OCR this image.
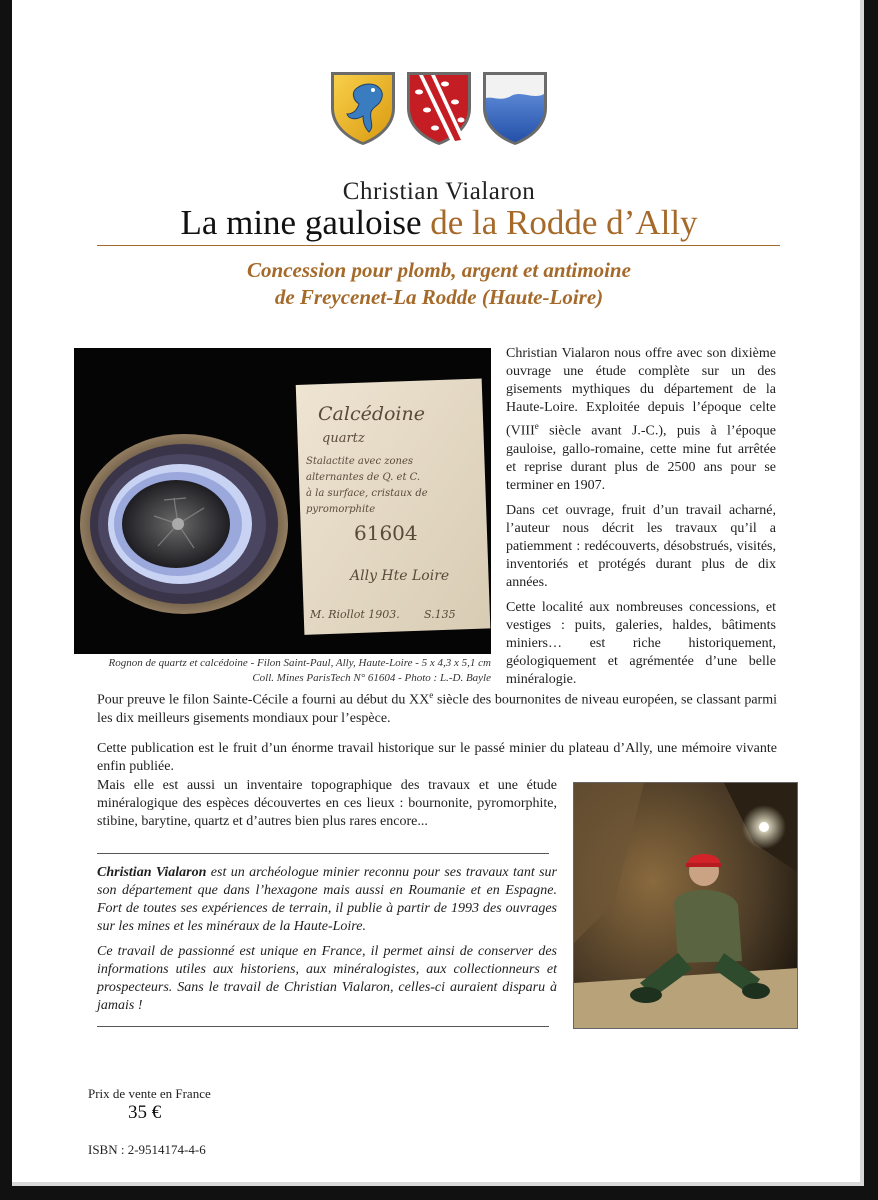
Christian Vialaron
La mine gauloise de la Rodde d’Ally
Concession pour plomb, argent et antimoine
de Freycenet-La Rodde (Haute-Loire)
Calcédoine
quartz
Stalactite avec zones
alternantes de Q. et C.
à la surface, cristaux de
pyromorphite
61604
Ally Hte Loire
M. Riollot 1903. S.135
Rognon de quartz et calcédoine - Filon Saint-Paul, Ally, Haute-Loire - 5 x 4,3 x 5,1 cm
Coll. Mines ParisTech N° 61604 - Photo : L.-D. Bayle

Christian Vialaron nous offre avec son dixième ouvrage une étude complète sur un des gisements mythiques du département de la Haute-Loire. Exploitée depuis l’époque celte (VIIIe siècle avant J.-C.), puis à l’époque gauloise, gallo-romaine, cette mine fut arrêtée et reprise durant plus de 2500 ans pour se terminer en 1907.

Dans cet ouvrage, fruit d’un travail acharné, l’auteur nous décrit les travaux qu’il a patiemment : redécouverts, désobstrués, visités, inventoriés et protégés durant plus de dix années.

Cette localité aux nombreuses concessions, et vestiges : puits, galeries, haldes, bâtiments miniers… est riche historiquement, géologiquement et agrémentée d’une belle minéralogie.

Pour preuve le filon Sainte-Cécile a fourni au début du XXe siècle des bournonites de niveau européen, se classant parmi les dix meilleurs gisements mondiaux pour l’espèce.

Cette publication est le fruit d’un énorme travail historique sur le passé minier du plateau d’Ally, une mémoire vivante enfin publiée.

Mais elle est aussi un inventaire topographique des travaux et une étude minéralogique des espèces découvertes en ces lieux : bournonite, pyromorphite, stibine, barytine, quartz et d’autres bien plus rares encore...

Christian Vialaron est un archéologue minier reconnu pour ses travaux tant sur son département que dans l’hexagone mais aussi en Roumanie et en Espagne. Fort de toutes ses expériences de terrain, il publie à partir de 1993 des ouvrages sur les mines et les minéraux de la Haute-Loire.

Ce travail de passionné est unique en France, il permet ainsi de conserver des informations utiles aux historiens, aux minéralogistes, aux collectionneurs et prospecteurs. Sans le travail de Christian Vialaron, celles-ci auraient disparu à jamais !

Prix de vente en France
35 €
ISBN : 2-9514174-4-6
